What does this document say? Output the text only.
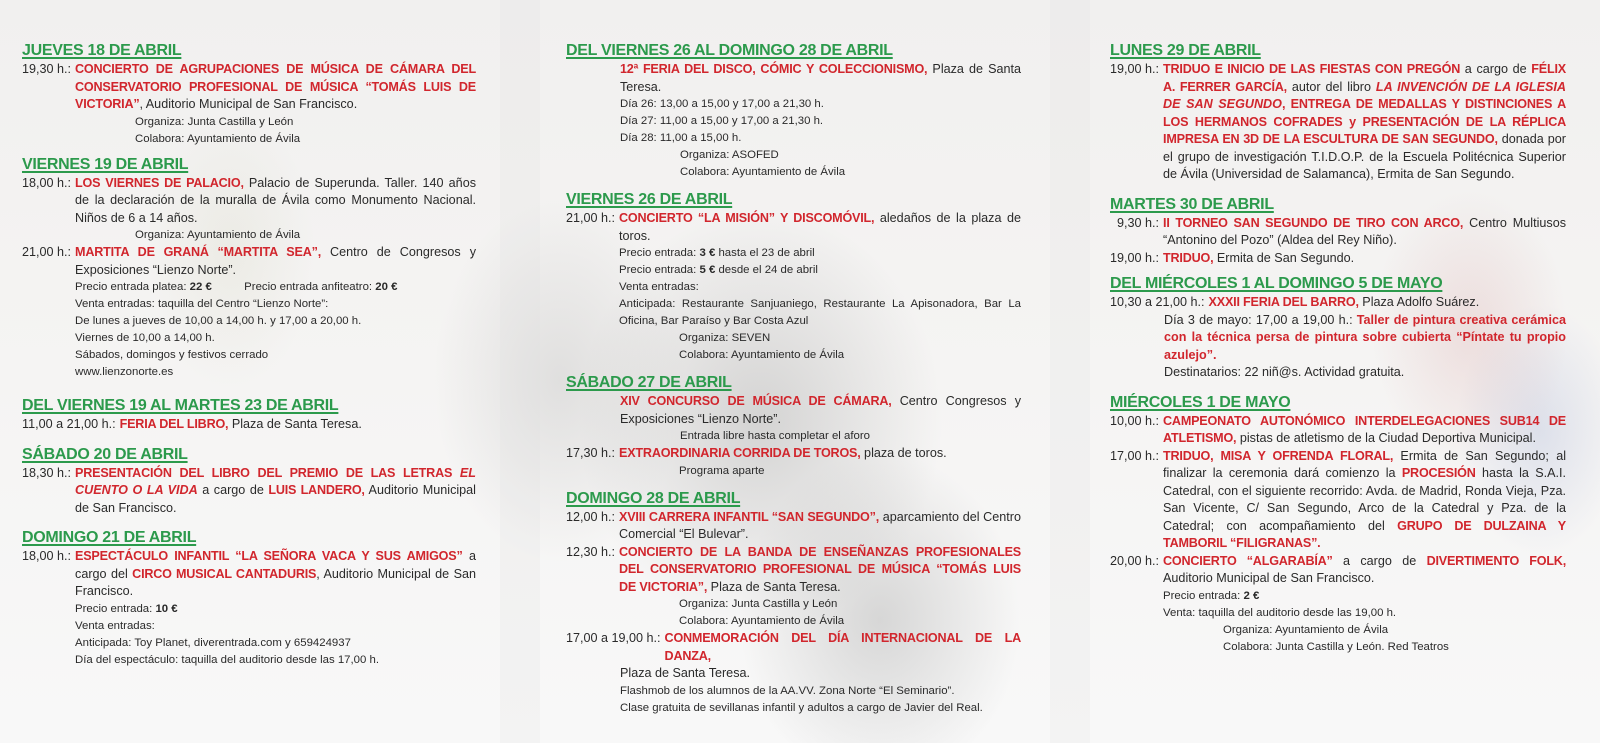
JUEVES 18 DE ABRIL
19,30 h.: CONCIERTO DE AGRUPACIONES DE MÚSICA DE CÁMARA DEL CONSERVATORIO PROFESIONAL DE MÚSICA “TOMÁS LUIS DE VICTORIA”, Auditorio Municipal de San Francisco.
Organiza: Junta Castilla y León
Colabora: Ayuntamiento de Ávila
VIERNES 19 DE ABRIL
18,00 h.: LOS VIERNES DE PALACIO, Palacio de Superunda. Taller. 140 años de la declaración de la muralla de Ávila como Monumento Nacional. Niños de 6 a 14 años.
Organiza: Ayuntamiento de Ávila
21,00 h.: MARTITA DE GRANÁ “MARTITA SEA”, Centro de Congresos y Exposiciones “Lienzo Norte”.
Precio entrada platea: 22 €	Precio entrada anfiteatro: 20 €
Venta entradas: taquilla del Centro “Lienzo Norte”:
De lunes a jueves de 10,00 a 14,00 h. y 17,00 a 20,00 h.
Viernes de 10,00 a 14,00 h.
Sábados, domingos y festivos cerrado
www.lienzonorte.es
DEL VIERNES 19 AL MARTES 23 DE ABRIL
11,00 a 21,00 h.: FERIA DEL LIBRO, Plaza de Santa Teresa.
SÁBADO 20 DE ABRIL
18,30 h.: PRESENTACIÓN DEL LIBRO DEL PREMIO DE LAS LETRAS EL CUENTO O LA VIDA a cargo de LUIS LANDERO, Auditorio Municipal de San Francisco.
DOMINGO 21 DE ABRIL
18,00 h.: ESPECTÁCULO INFANTIL “LA SEÑORA VACA Y SUS AMIGOS” a cargo del CIRCO MUSICAL CANTADURIS, Auditorio Municipal de San Francisco.
Precio entrada: 10 €
Venta entradas:
Anticipada: Toy Planet, diverentrada.com y 659424937
Día del espectáculo: taquilla del auditorio desde las 17,00 h.
DEL VIERNES 26 AL DOMINGO 28 DE ABRIL
12ª FERIA DEL DISCO, CÓMIC Y COLECCIONISMO, Plaza de Santa Teresa.
Día 26: 13,00 a 15,00 y 17,00 a 21,30 h.
Día 27: 11,00 a 15,00 y 17,00 a 21,30 h.
Día 28: 11,00 a 15,00 h.
Organiza: ASOFED
Colabora: Ayuntamiento de Ávila
VIERNES 26 DE ABRIL
21,00 h.: CONCIERTO “LA MISIÓN” Y DISCOMÓVIL, aledaños de la plaza de toros.
Precio entrada: 3 € hasta el 23 de abril
Precio entrada: 5 € desde el 24 de abril
Venta entradas:
Anticipada: Restaurante Sanjuaniego, Restaurante La Apisonadora, Bar La Oficina, Bar Paraíso y Bar Costa Azul
Organiza: SEVEN
Colabora: Ayuntamiento de Ávila
SÁBADO 27 DE ABRIL
XIV CONCURSO DE MÚSICA DE CÁMARA, Centro Congresos y Exposiciones “Lienzo Norte”.
Entrada libre hasta completar el aforo
17,30 h.: EXTRAORDINARIA CORRIDA DE TOROS, plaza de toros.
Programa aparte
DOMINGO 28 DE ABRIL
12,00 h.: XVIII CARRERA INFANTIL “SAN SEGUNDO”, aparcamiento del Centro Comercial “El Bulevar”.
12,30 h.: CONCIERTO DE LA BANDA DE ENSEÑANZAS PROFESIONALES DEL CONSERVATORIO PROFESIONAL DE MÚSICA “TOMÁS LUIS DE VICTORIA”, Plaza de Santa Teresa.
Organiza: Junta Castilla y León
Colabora: Ayuntamiento de Ávila
17,00 a 19,00 h.: CONMEMORACIÓN DEL DÍA INTERNACIONAL DE LA DANZA,
Plaza de Santa Teresa.
Flashmob de los alumnos de la AA.VV. Zona Norte “El Seminario”.
Clase gratuita de sevillanas infantil y adultos a cargo de Javier del Real.
LUNES 29 DE ABRIL
19,00 h.: TRIDUO E INICIO DE LAS FIESTAS CON PREGÓN a cargo de FÉLIX A. FERRER GARCÍA, autor del libro LA INVENCIÓN DE LA IGLESIA DE SAN SEGUNDO, ENTREGA DE MEDALLAS Y DISTINCIONES A LOS HERMANOS COFRADES y PRESENTACIÓN DE LA RÉPLICA IMPRESA EN 3D DE LA ESCULTURA DE SAN SEGUNDO, donada por el grupo de investigación T.I.D.O.P. de la Escuela Politécnica Superior de Ávila (Universidad de Salamanca), Ermita de San Segundo.
MARTES 30 DE ABRIL
9,30 h.: II TORNEO SAN SEGUNDO DE TIRO CON ARCO, Centro Multiusos “Antonino del Pozo” (Aldea del Rey Niño).
19,00 h.: TRIDUO, Ermita de San Segundo.
DEL MIÉRCOLES 1 AL DOMINGO 5 DE MAYO
10,30 a 21,00 h.: XXXII FERIA DEL BARRO, Plaza Adolfo Suárez.
Día 3 de mayo: 17,00 a 19,00 h.: Taller de pintura creativa cerámica con la técnica persa de pintura sobre cubierta “Píntate tu propio azulejo”.
Destinatarios: 22 niñ@s. Actividad gratuita.
MIÉRCOLES 1 DE MAYO
10,00 h.: CAMPEONATO AUTONÓMICO INTERDELEGACIONES SUB14 DE ATLETISMO, pistas de atletismo de la Ciudad Deportiva Municipal.
17,00 h.: TRIDUO, MISA Y OFRENDA FLORAL, Ermita de San Segundo; al finalizar la ceremonia dará comienzo la PROCESIÓN hasta la S.A.I. Catedral, con el siguiente recorrido: Avda. de Madrid, Ronda Vieja, Pza. San Vicente, C/ San Segundo, Arco de la Catedral y Pza. de la Catedral; con acompañamiento del GRUPO DE DULZAINA Y TAMBORIL “FILIGRANAS”.
20,00 h.: CONCIERTO “ALGARABÍA” a cargo de DIVERTIMENTO FOLK, Auditorio Municipal de San Francisco.
Precio entrada: 2 €
Venta: taquilla del auditorio desde las 19,00 h.
Organiza: Ayuntamiento de Ávila
Colabora: Junta Castilla y León. Red Teatros
